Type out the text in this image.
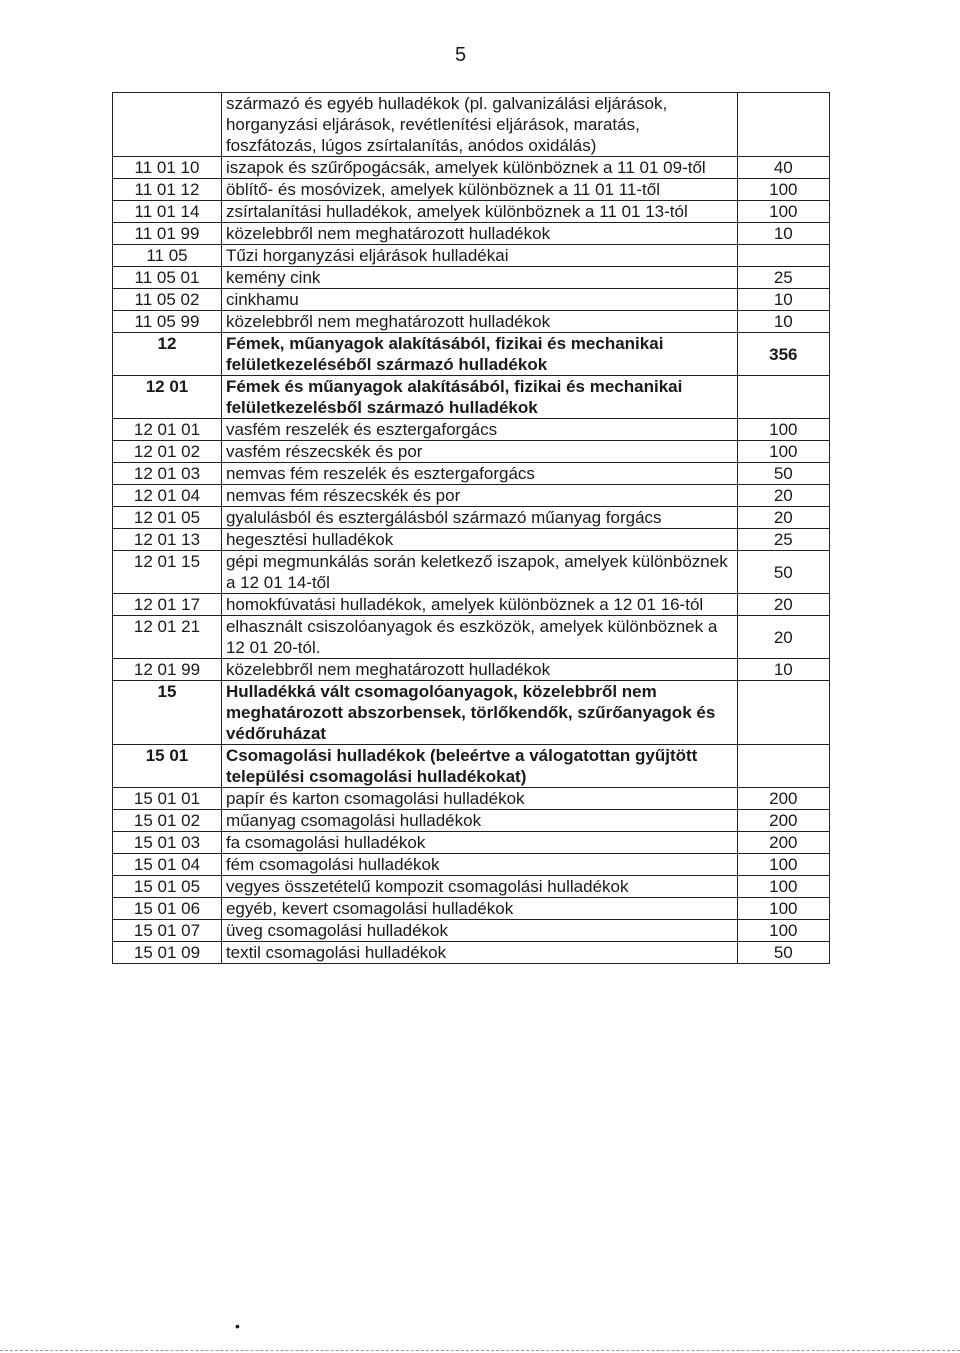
5
	származó és egyéb hulladékok (pl. galvanizálási eljárások, horganyzási eljárások, revétlenítési eljárások, maratás, foszfátozás, lúgos zsírtalanítás, anódos oxidálás)	
11 01 10	iszapok és szűrőpogácsák, amelyek különböznek a 11 01 09-től	40
11 01 12	öblítő- és mosóvizek, amelyek különböznek a 11 01 11-től	100
11 01 14	zsírtalanítási hulladékok, amelyek különböznek a 11 01 13-tól	100
11 01 99	közelebbről nem meghatározott hulladékok	10
11 05	Tűzi horganyzási eljárások hulladékai	
11 05 01	kemény cink	25
11 05 02	cinkhamu	10
11 05 99	közelebbről nem meghatározott hulladékok	10
12	Fémek, műanyagok alakításából, fizikai és mechanikai felületkezeléséből származó hulladékok	356
12 01	Fémek és műanyagok alakításából, fizikai és mechanikai felületkezelésből származó hulladékok	
12 01 01	vasfém reszelék és esztergaforgács	100
12 01 02	vasfém részecskék és por	100
12 01 03	nemvas fém reszelék és esztergaforgács	50
12 01 04	nemvas fém részecskék és por	20
12 01 05	gyalulásból és esztergálásból származó műanyag forgács	20
12 01 13	hegesztési hulladékok	25
12 01 15	gépi megmunkálás során keletkező iszapok, amelyek különböznek a 12 01 14-től	50
12 01 17	homokfúvatási hulladékok, amelyek különböznek a 12 01 16-tól	20
12 01 21	elhasznált csiszolóanyagok és eszközök, amelyek különböznek a 12 01 20-tól.	20
12 01 99	közelebbről nem meghatározott hulladékok	10
15	Hulladékká vált csomagolóanyagok, közelebbről nem meghatározott abszorbensek, törlőkendők, szűrőanyagok és védőruházat	
15 01	Csomagolási hulladékok (beleértve a válogatottan gyűjtött települési csomagolási hulladékokat)	
15 01 01	papír és karton csomagolási hulladékok	200
15 01 02	műanyag csomagolási hulladékok	200
15 01 03	fa csomagolási hulladékok	200
15 01 04	fém csomagolási hulladékok	100
15 01 05	vegyes összetételű kompozit csomagolási hulladékok	100
15 01 06	egyéb, kevert csomagolási hulladékok	100
15 01 07	üveg csomagolási hulladékok	100
15 01 09	textil csomagolási hulladékok	50
•
